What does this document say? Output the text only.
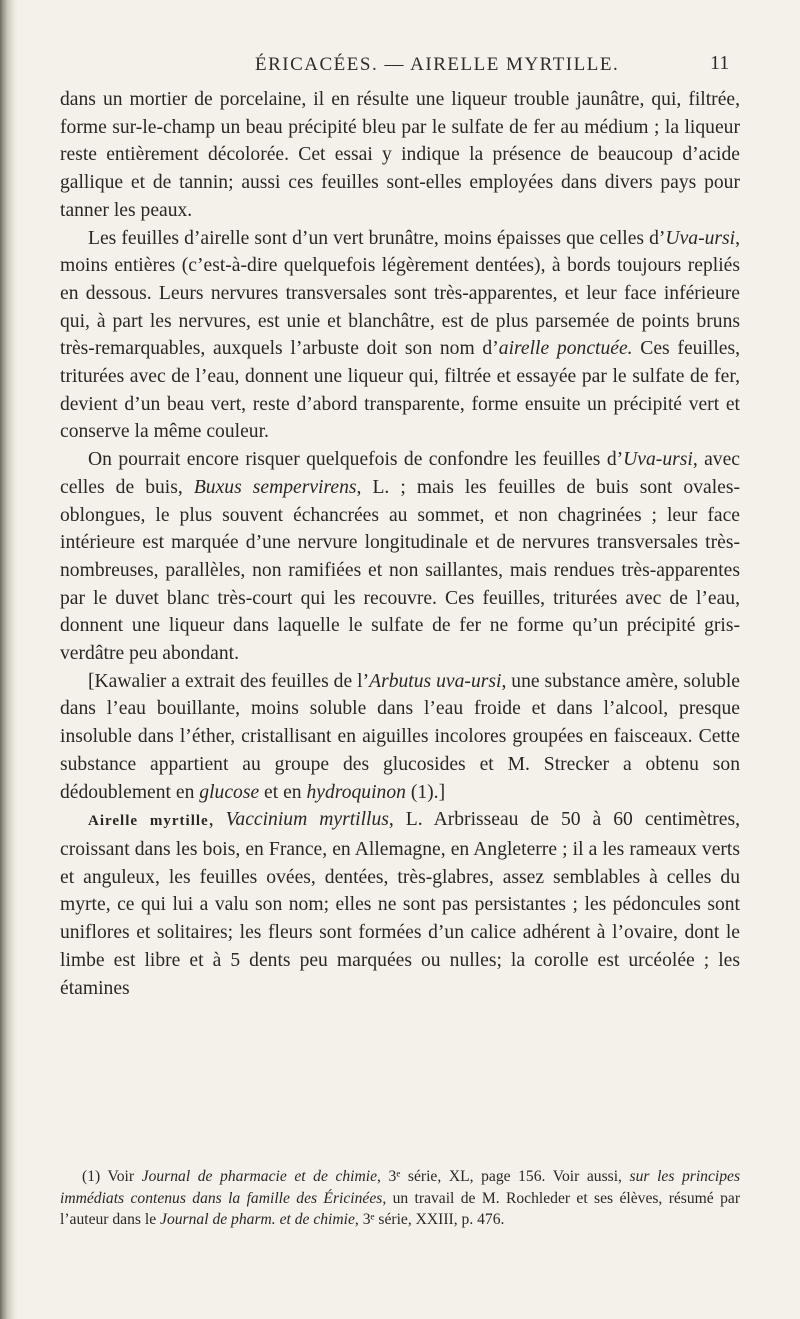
ÉRICACÉES. — AIRELLE MYRTILLE.	11

dans un mortier de porcelaine, il en résulte une liqueur trouble jaunâtre, qui, filtrée, forme sur-le-champ un beau précipité bleu par le sulfate de fer au médium ; la liqueur reste entièrement décolorée. Cet essai y indique la présence de beaucoup d’acide gallique et de tannin; aussi ces feuilles sont-elles employées dans divers pays pour tanner les peaux.

Les feuilles d’airelle sont d’un vert brunâtre, moins épaisses que celles d’Uva-ursi, moins entières (c’est-à-dire quelquefois légèrement dentées), à bords toujours repliés en dessous. Leurs nervures transversales sont très-apparentes, et leur face inférieure qui, à part les nervures, est unie et blanchâtre, est de plus parsemée de points bruns très-remarquables, auxquels l’arbuste doit son nom d’airelle ponctuée. Ces feuilles, triturées avec de l’eau, donnent une liqueur qui, filtrée et essayée par le sulfate de fer, devient d’un beau vert, reste d’abord transparente, forme ensuite un précipité vert et conserve la même couleur.

On pourrait encore risquer quelquefois de confondre les feuilles d’Uva-ursi, avec celles de buis, Buxus sempervirens, L. ; mais les feuilles de buis sont ovales-oblongues, le plus souvent échancrées au sommet, et non chagrinées ; leur face intérieure est marquée d’une nervure longitudinale et de nervures transversales très-nombreuses, parallèles, non ramifiées et non saillantes, mais rendues très-apparentes par le duvet blanc très-court qui les recouvre. Ces feuilles, triturées avec de l’eau, donnent une liqueur dans laquelle le sulfate de fer ne forme qu’un précipité gris-verdâtre peu abondant.

[Kawalier a extrait des feuilles de l’Arbutus uva-ursi, une substance amère, soluble dans l’eau bouillante, moins soluble dans l’eau froide et dans l’alcool, presque insoluble dans l’éther, cristallisant en aiguilles incolores groupées en faisceaux. Cette substance appartient au groupe des glucosides et M. Strecker a obtenu son dédoublement en glucose et en hydroquinon (1).]

Airelle myrtille, Vaccinium myrtillus, L. Arbrisseau de 50 à 60 centimètres, croissant dans les bois, en France, en Allemagne, en Angleterre ; il a les rameaux verts et anguleux, les feuilles ovées, dentées, très-glabres, assez semblables à celles du myrte, ce qui lui a valu son nom; elles ne sont pas persistantes ; les pédoncules sont uniflores et solitaires; les fleurs sont formées d’un calice adhérent à l’ovaire, dont le limbe est libre et à 5 dents peu marquées ou nulles; la corolle est urcéolée ; les étamines

(1) Voir Journal de pharmacie et de chimie, 3ᵉ série, XL, page 156. Voir aussi, sur les principes immédiats contenus dans la famille des Éricinées, un travail de M. Rochleder et ses élèves, résumé par l’auteur dans le Journal de pharm. et de chimie, 3ᵉ série, XXIII, p. 476.
